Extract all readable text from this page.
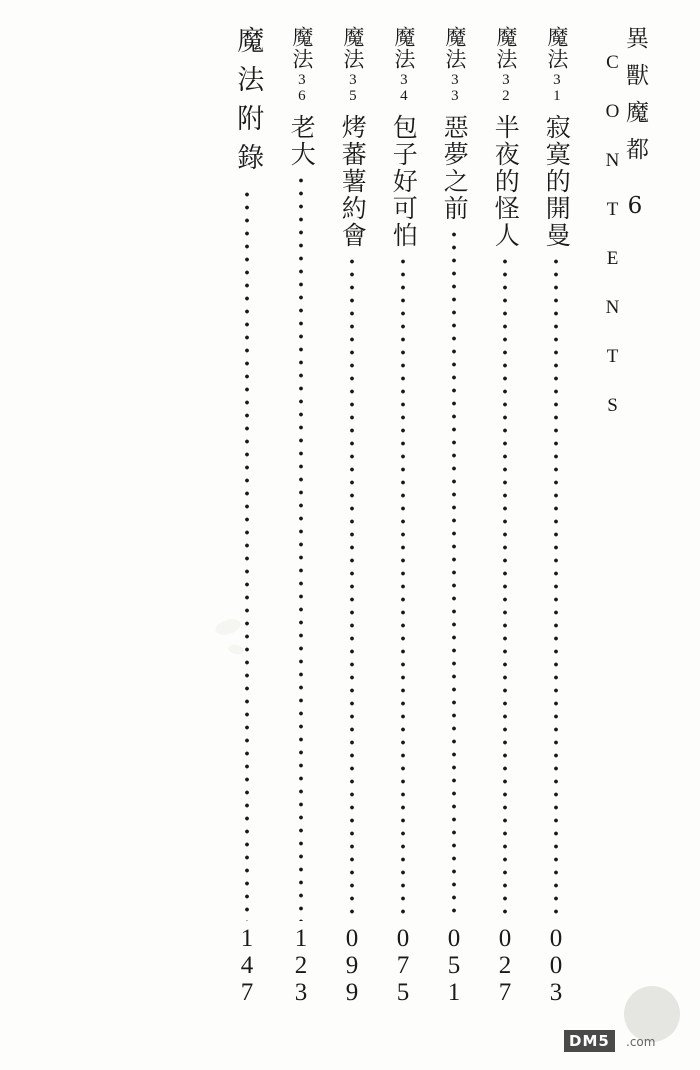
異獸魔都 6
CONTENTS
魔法
31
寂寞的開曼
003
魔法
32
半夜的怪人
027
魔法
33
惡夢之前
051
魔法
34
包子好可怕
075
魔法
35
烤蕃薯約會
099
魔法
36
老大
123
魔法附錄
147
DM5	.com
